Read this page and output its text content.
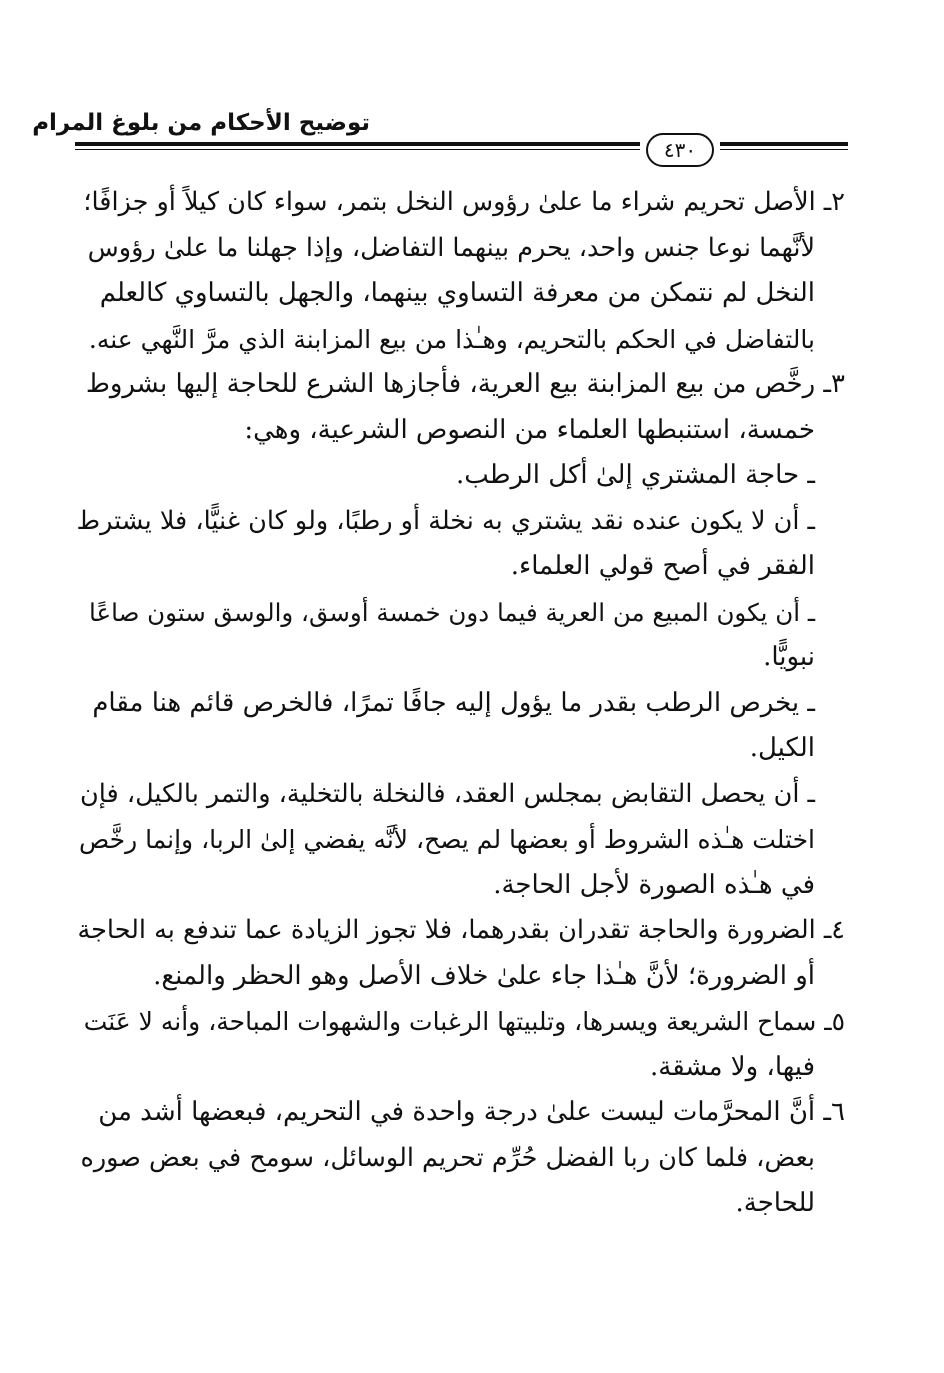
توضيح الأحكام من بلوغ المرام
٤٣٠
٢ـ الأصل تحريم شراء ما علىٰ رؤوس النخل بتمر، سواء كان كيلاً أو جزافًا؛
لأنَّهما نوعا جنس واحد، يحرم بينهما التفاضل، وإذا جهلنا ما علىٰ رؤوس
النخل لم نتمكن من معرفة التساوي بينهما، والجهل بالتساوي كالعلم
بالتفاضل في الحكم بالتحريم، وهـٰذا من بيع المزابنة الذي مرَّ النَّهي عنه.
٣ـ رخَّص من بيع المزابنة بيع العرية، فأجازها الشرع للحاجة إليها بشروط
خمسة، استنبطها العلماء من النصوص الشرعية، وهي:
ـ حاجة المشتري إلىٰ أكل الرطب.
ـ أن لا يكون عنده نقد يشتري به نخلة أو رطبًا، ولو كان غنيًّا، فلا يشترط
الفقر في أصح قولي العلماء.
ـ أن يكون المبيع من العرية فيما دون خمسة أوسق، والوسق ستون صاعًا
نبويًّا.
ـ يخرص الرطب بقدر ما يؤول إليه جافًا تمرًا، فالخرص قائم هنا مقام
الكيل.
ـ أن يحصل التقابض بمجلس العقد، فالنخلة بالتخلية، والتمر بالكيل، فإن
اختلت هـٰذه الشروط أو بعضها لم يصح، لأنَّه يفضي إلىٰ الربا، وإنما رخَّص
في هـٰذه الصورة لأجل الحاجة.
٤ـ الضرورة والحاجة تقدران بقدرهما، فلا تجوز الزيادة عما تندفع به الحاجة
أو الضرورة؛ لأنَّ هـٰذا جاء علىٰ خلاف الأصل وهو الحظر والمنع.
٥ـ سماح الشريعة ويسرها، وتلبيتها الرغبات والشهوات المباحة، وأنه لا عَنَت
فيها، ولا مشقة.
٦ـ أنَّ المحرَّمات ليست علىٰ درجة واحدة في التحريم، فبعضها أشد من
بعض، فلما كان ربا الفضل حُرِّم تحريم الوسائل، سومح في بعض صوره
للحاجة.
